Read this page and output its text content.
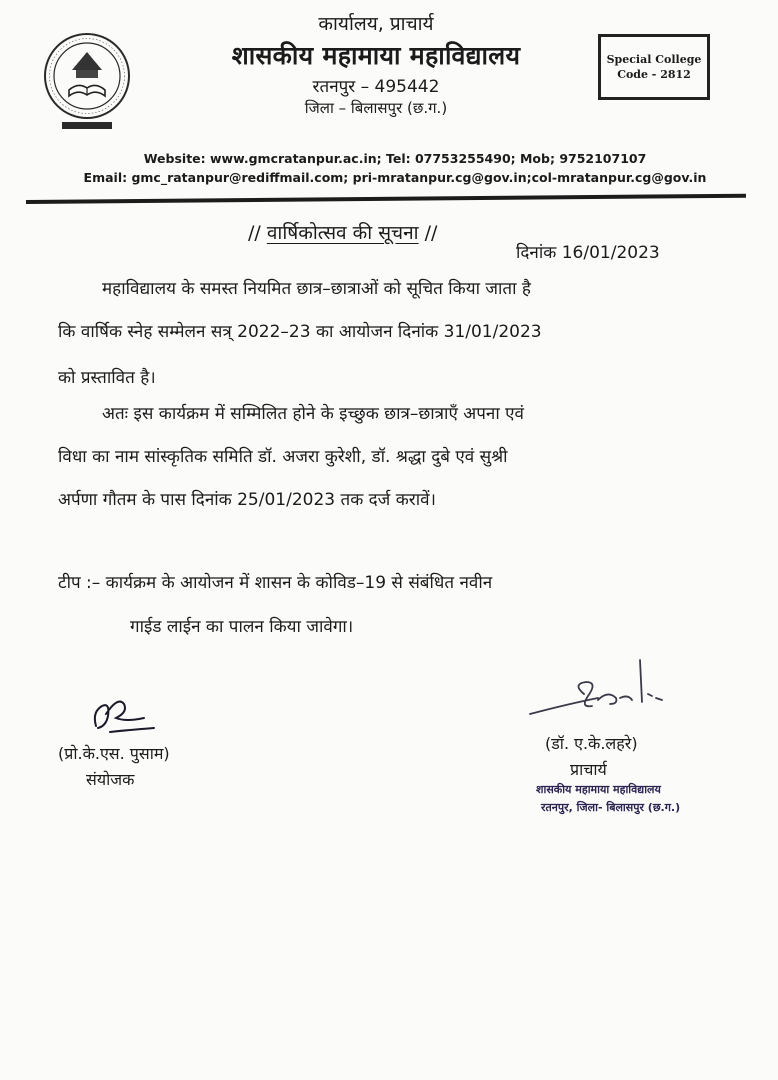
कार्यालय, प्राचार्य
शासकीय महामाया महाविद्यालय
रतनपुर – 495442
जिला – बिलासपुर (छ.ग.)
Special College
Code - 2812
Website: www.gmcratanpur.ac.in; Tel: 07753255490; Mob; 9752107107
Email: gmc_ratanpur@rediffmail.com; pri-mratanpur.cg@gov.in;col-mratanpur.cg@gov.in
// वार्षिकोत्सव की सूचना //
दिनांक 16/01/2023
महाविद्यालय के समस्त नियमित छात्र–छात्राओं को सूचित किया जाता है
कि वार्षिक स्नेह सम्मेलन सत्र् 2022–23 का आयोजन दिनांक 31/01/2023
को प्रस्तावित है।
अतः इस कार्यक्रम में सम्मिलित होने के इच्छुक छात्र–छात्राएँ अपना एवं
विधा का नाम सांस्कृतिक समिति डॉ. अजरा कुरेशी, डॉ. श्रद्धा दुबे एवं सुश्री
अर्पणा गौतम के पास दिनांक 25/01/2023 तक दर्ज करावें।
टीप :– कार्यक्रम के आयोजन में शासन के कोविड–19 से संबंधित नवीन
गाईड लाईन का पालन किया जावेगा।
(प्रो.के.एस. पुसाम)
संयोजक
(डॉ. ए.के.लहरे)
प्राचार्य
शासकीय महामाया महाविद्यालय
रतनपुर, जिला- बिलासपुर (छ.ग.)
